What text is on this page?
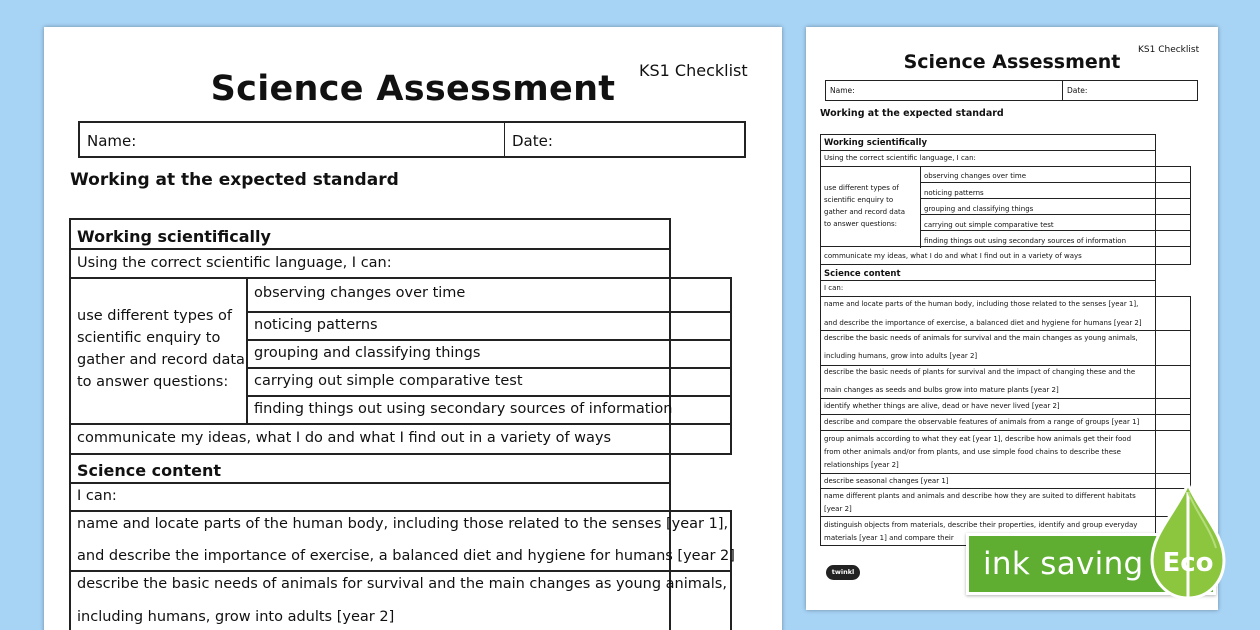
KS1 Checklist
Science Assessment
Name:	Date:
Working at the expected standard
Working scientifically
Using the correct scientific language, I can:
use different types of
scientific enquiry to
gather and record data
to answer questions:
observing changes over time
noticing patterns
grouping and classifying things
carrying out simple comparative test
finding things out using secondary sources of information
communicate my ideas, what I do and what I find out in a variety of ways
Science content
I can:
name and locate parts of the human body, including those related to the senses [year 1],
and describe the importance of exercise, a balanced diet and hygiene for humans [year 2]
describe the basic needs of animals for survival and the main changes as young animals,
including humans, grow into adults [year 2]
KS1 Checklist
Science Assessment
Name:	Date:
Working at the expected standard
Working scientifically
Using the correct scientific language, I can:
use different types of
scientific enquiry to
gather and record data
to answer questions:
observing changes over time
noticing patterns
grouping and classifying things
carrying out simple comparative test
finding things out using secondary sources of information
communicate my ideas, what I do and what I find out in a variety of ways
Science content
I can:
name and locate parts of the human body, including those related to the senses [year 1],
and describe the importance of exercise, a balanced diet and hygiene for humans [year 2]
describe the basic needs of animals for survival and the main changes as young animals,
including humans, grow into adults [year 2]
describe the basic needs of plants for survival and the impact of changing these and the
main changes as seeds and bulbs grow into mature plants [year 2]
identify whether things are alive, dead or have never lived [year 2]
describe and compare the observable features of animals from a range of groups [year 1]
group animals according to what they eat [year 1], describe how animals get their food
from other animals and/or from plants, and use simple food chains to describe these
relationships [year 2]
describe seasonal changes [year 1]
name different plants and animals and describe how they are suited to different habitats
[year 2]
distinguish objects from materials, describe their properties, identify and group everyday
materials [year 1] and compare their
twinkl	ink saving Eco
